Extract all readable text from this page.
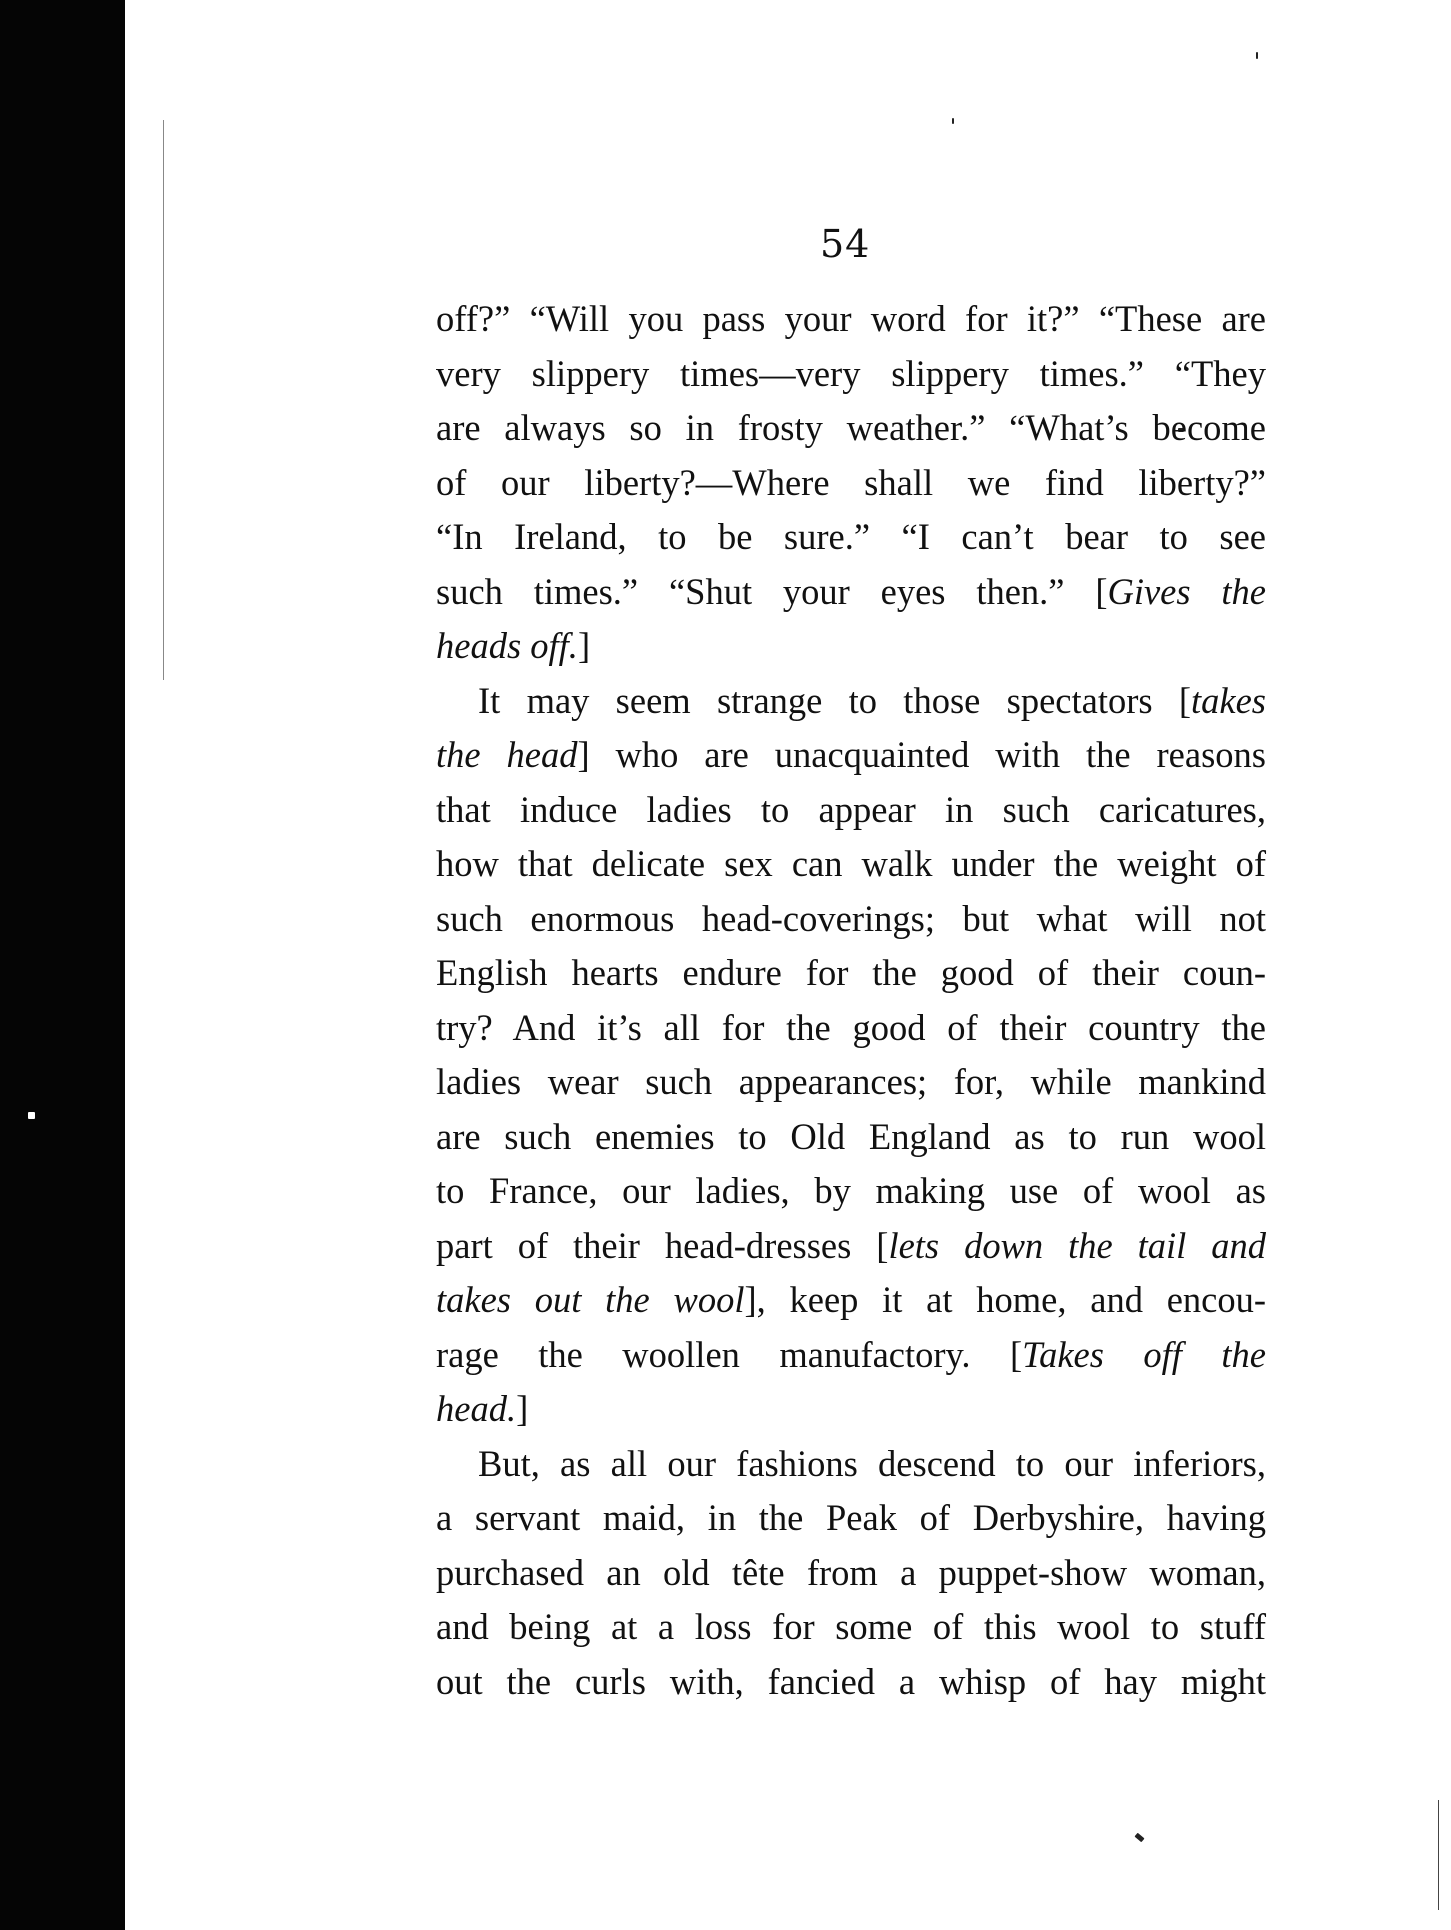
54
off?” “Will you pass your word for it?” “These are
very slippery times—very slippery times.” “They
are always so in frosty weather.” “What’s become
of our liberty?—Where shall we find liberty?”
“In Ireland, to be sure.” “I can’t bear to see
such times.” “Shut your eyes then.” [Gives the
heads off.]
It may seem strange to those spectators [takes
the head] who are unacquainted with the reasons
that induce ladies to appear in such caricatures,
how that delicate sex can walk under the weight of
such enormous head-coverings; but what will not
English hearts endure for the good of their coun-
try? And it’s all for the good of their country the
ladies wear such appearances; for, while mankind
are such enemies to Old England as to run wool
to France, our ladies, by making use of wool as
part of their head-dresses [lets down the tail and
takes out the wool], keep it at home, and encou-
rage the woollen manufactory. [Takes off the
head.]
But, as all our fashions descend to our inferiors,
a servant maid, in the Peak of Derbyshire, having
purchased an old tête from a puppet-show woman,
and being at a loss for some of this wool to stuff
out the curls with, fancied a whisp of hay might
